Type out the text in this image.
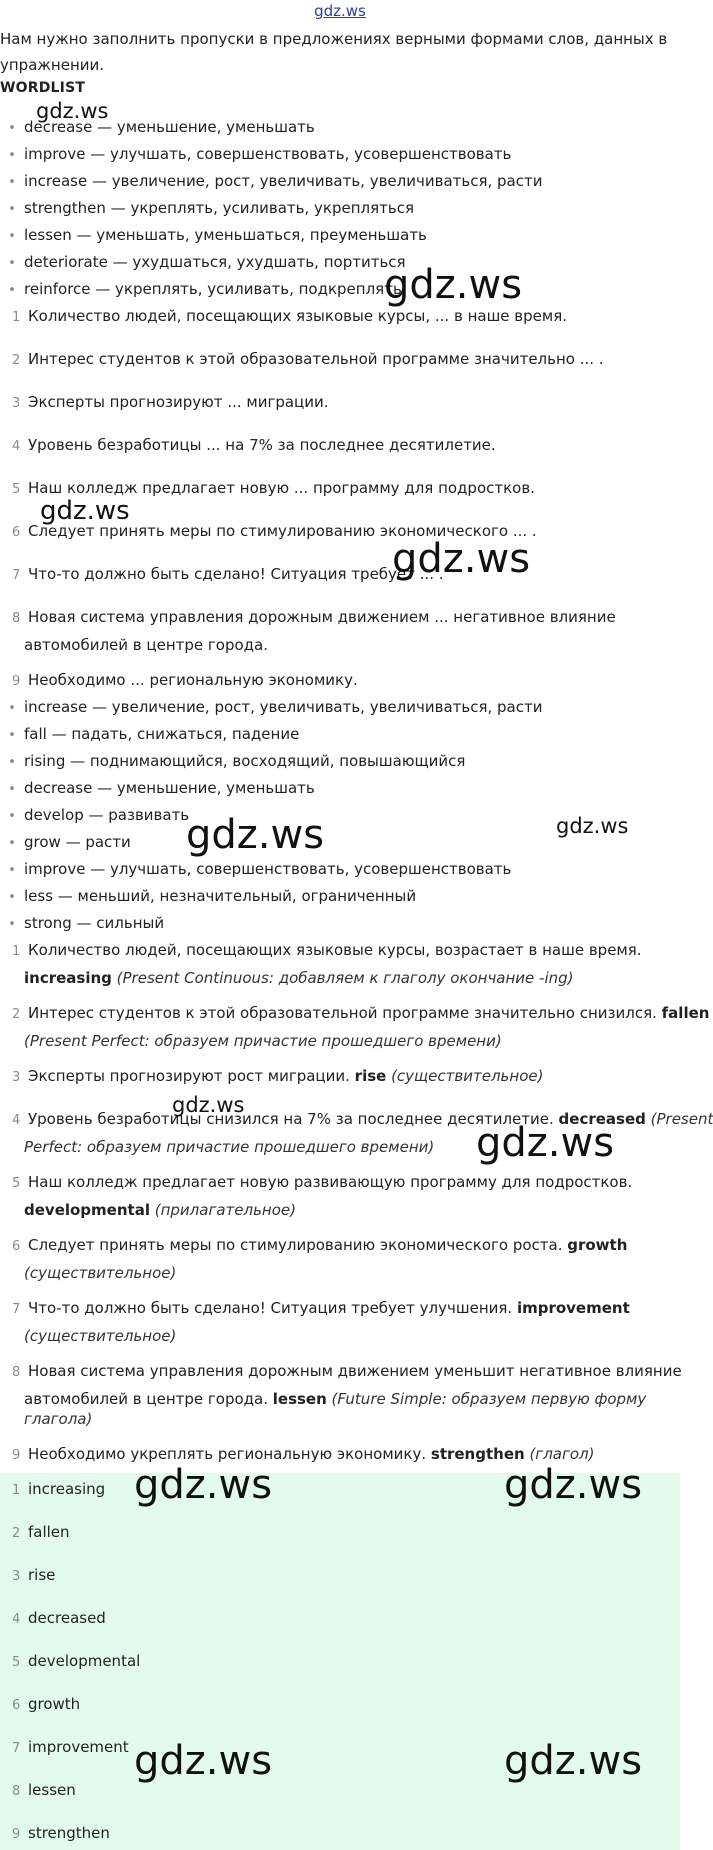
gdz.ws
Нам нужно заполнить пропуски в предложениях верными формами слов, данных в упражнении.
WORDLIST
• decrease — уменьшение, уменьшать
• improve — улучшать, совершенствовать, усовершенствовать
• increase — увеличение, рост, увеличивать, увеличиваться, расти
• strengthen — укреплять, усиливать, укрепляться
• lessen — уменьшать, уменьшаться, преуменьшать
• deteriorate — ухудшаться, ухудшать, портиться
• reinforce — укреплять, усиливать, подкреплять
1 Количество людей, посещающих языковые курсы, ... в наше время.
2 Интерес студентов к этой образовательной программе значительно ... .
3 Эксперты прогнозируют ... миграции.
4 Уровень безработицы ... на 7% за последнее десятилетие.
5 Наш колледж предлагает новую ... программу для подростков.
6 Следует принять меры по стимулированию экономического ... .
7 Что-то должно быть сделано! Ситуация требует ... .
8 Новая система управления дорожным движением ... негативное влияние
автомобилей в центре города.
9 Необходимо ... региональную экономику.
• increase — увеличение, рост, увеличивать, увеличиваться, расти
• fall — падать, снижаться, падение
• rising — поднимающийся, восходящий, повышающийся
• decrease — уменьшение, уменьшать
• develop — развивать
• grow — расти
• improve — улучшать, совершенствовать, усовершенствовать
• less — меньший, незначительный, ограниченный
• strong — сильный
1 Количество людей, посещающих языковые курсы, возрастает в наше время.
increasing (Present Continuous: добавляем к глаголу окончание -ing)
2 Интерес студентов к этой образовательной программе значительно снизился. fallen
(Present Perfect: образуем причастие прошедшего времени)
3 Эксперты прогнозируют рост миграции. rise (существительное)
4 Уровень безработицы снизился на 7% за последнее десятилетие. decreased (Present
Perfect: образуем причастие прошедшего времени)
5 Наш колледж предлагает новую развивающую программу для подростков.
developmental (прилагательное)
6 Следует принять меры по стимулированию экономического роста. growth
(существительное)
7 Что-то должно быть сделано! Ситуация требует улучшения. improvement
(существительное)
8 Новая система управления дорожным движением уменьшит негативное влияние
автомобилей в центре города. lessen (Future Simple: образуем первую форму
глагола)
9 Необходимо укреплять региональную экономику. strengthen (глагол)
1 increasing
2 fallen
3 rise
4 decreased
5 developmental
6 growth
7 improvement
8 lessen
9 strengthen
gdz.ws
gdz.ws
gdz.ws
gdz.ws
gdz.ws
gdz.ws
gdz.ws
gdz.ws
gdz.ws	gdz.ws
gdz.ws	gdz.ws
